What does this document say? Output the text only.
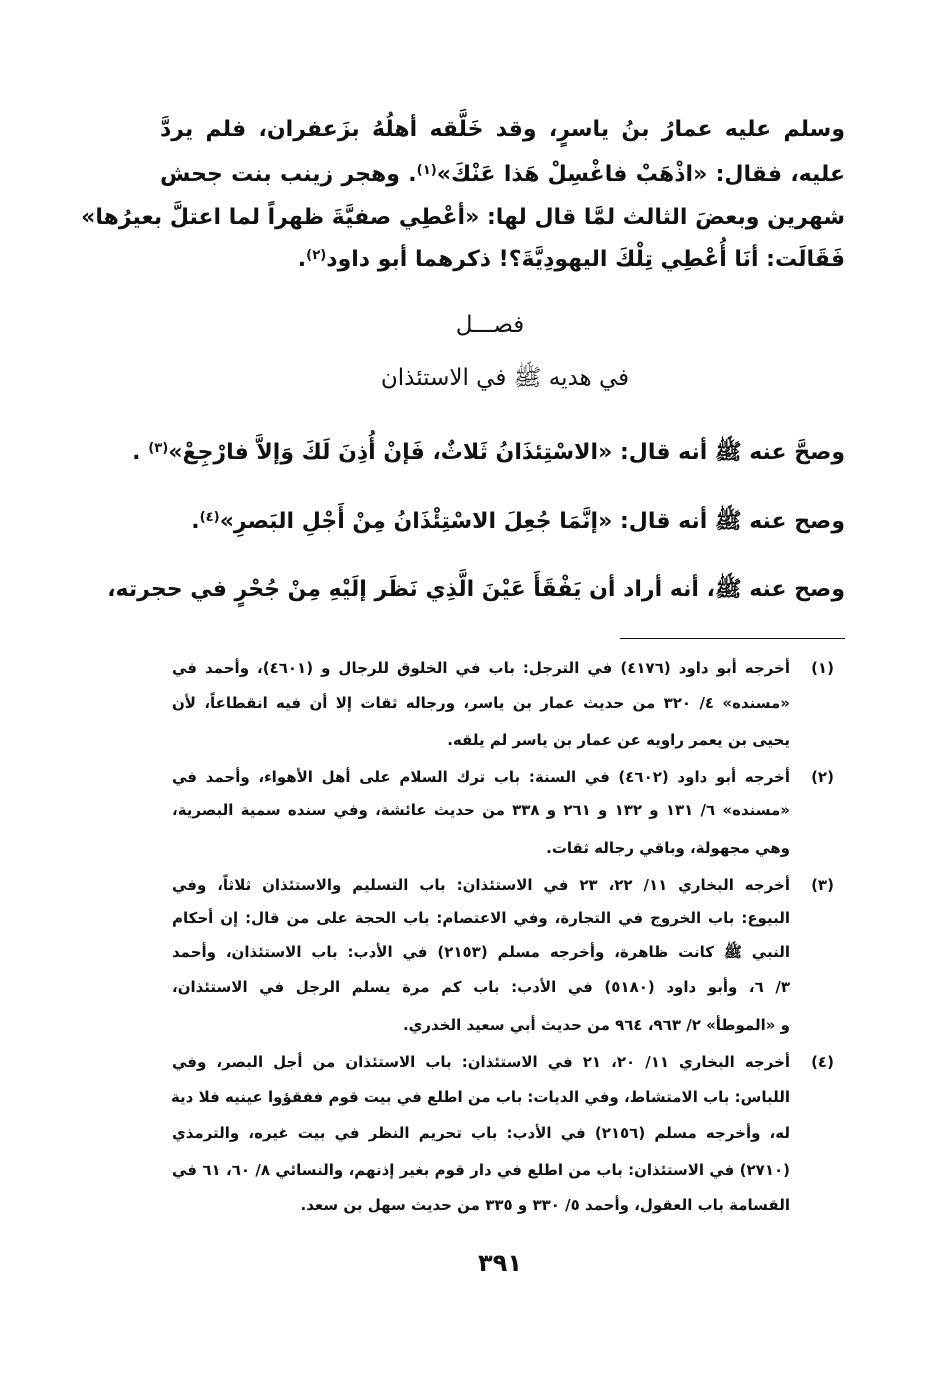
وسلم عليه عمارُ بنُ ياسرٍ، وقد خَلَّقه أهلُهُ بزَعفران، فلم يردَّ
عليه، فقال: «اذْهَبْ فاغْسِلْ هَذا عَنْكَ»$^{(١)}$. وهجر زينب بنت جحش
شهرين وبعضَ الثالث لمَّا قال لها: «أعْطِي صفيَّةَ ظهراً لما اعتلَّ بعيرُها»
فَقَالَت: أنَا أُعْطِي تِلْكَ اليهودِيَّةَ؟! ذكرهما أبو داود$^{(٢)}$.
فصـــل
في هديه ﷺ في الاستئذان
وصحَّ عنه ﷺ أنه قال: «الاسْتِئذَانُ ثَلاثٌ، فَإنْ أُذِنَ لَكَ وَإلاَّ فارْجِعْ»$^{(٣)}$ .
وصح عنه ﷺ أنه قال: «إنَّمَا جُعِلَ الاسْتِئْذَانُ مِنْ أَجْلِ البَصرِ»$^{(٤)}$.
وصح عنه ﷺ، أنه أراد أن يَفْقَأَ عَيْنَ الَّذِي نَظَر إلَيْهِ مِنْ جُحْرٍ في حجرته،
(١)
أخرجه أبو داود (٤١٧٦) في الترجل: باب في الخلوق للرجال و (٤٦٠١)، وأحمد في
«مسنده» ٤/ ٣٢٠ من حديث عمار بن ياسر، ورجاله ثقات إلا أن فيه انقطاعاً، لأن
يحيى بن يعمر راويه عن عمار بن ياسر لم يلقه.
(٢)
أخرجه أبو داود (٤٦٠٢) في السنة: باب ترك السلام على أهل الأهواء، وأحمد في
«مسنده» ٦/ ١٣١ و ١٣٢ و ٢٦١ و ٣٣٨ من حديث عائشة، وفي سنده سمية البصرية،
وهي مجهولة، وباقي رجاله ثقات.
(٣)
أخرجه البخاري ١١/ ٢٢، ٢٣ في الاستئذان: باب التسليم والاستئذان ثلاثاً، وفي
البيوع: باب الخروج في التجارة، وفي الاعتصام: باب الحجة على من قال: إن أحكام
النبي ﷺ كانت ظاهرة، وأخرجه مسلم (٢١٥٣) في الأدب: باب الاستئذان، وأحمد
٣/ ٦، وأبو داود (٥١٨٠) في الأدب: باب كم مرة يسلم الرجل في الاستئذان،
و «الموطأ» ٢/ ٩٦٣، ٩٦٤ من حديث أبي سعيد الخدري.
(٤)
أخرجه البخاري ١١/ ٢٠، ٢١ في الاستئذان: باب الاستئذان من أجل البصر، وفي
اللباس: باب الامتشاط، وفي الديات: باب من اطلع في بيت قوم ففقؤوا عينيه فلا دية
له، وأخرجه مسلم (٢١٥٦) في الأدب: باب تحريم النظر في بيت غيره، والترمذي
(٢٧١٠) في الاستئذان: باب من اطلع في دار قوم بغير إذنهم، والنسائي ٨/ ٦٠، ٦١ في
القسامة باب العقول، وأحمد ٥/ ٣٣٠ و ٣٣٥ من حديث سهل بن سعد.
٣٩١
